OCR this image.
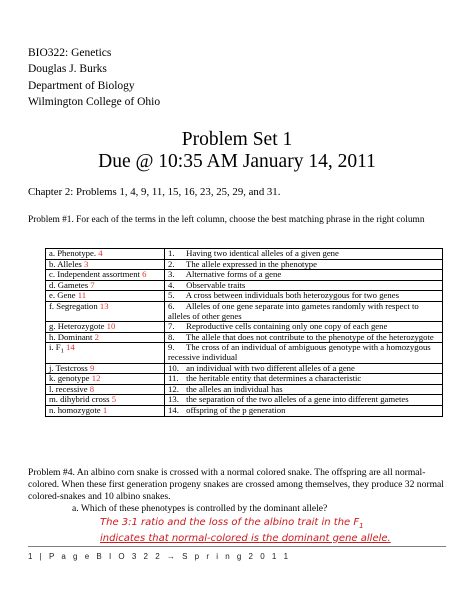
BIO322: Genetics
Douglas J. Burks
Department of Biology
Wilmington College of Ohio
Problem Set 1
Due @ 10:35 AM January 14, 2011
Chapter 2: Problems 1, 4, 9, 11, 15, 16, 23, 25, 29, and 31.
Problem #1. For each of the terms in the left column, choose the best matching phrase in the right column
a. Phenotype. 4	1. Having two identical alleles of a given gene
b. Alleles 3	2. The allele expressed in the phenotype
c. Independent assortment 6	3. Alternative forms of a gene
d. Gametes 7	4. Observable traits
e. Gene 11	5. A cross between individuals both heterozygous for two genes
f. Segregation 13	6. Alleles of one gene separate into gametes randomly with respect to alleles of other genes
g. Heterozygote 10	7. Reproductive cells containing only one copy of each gene
h. Dominant 2	8. The allele that does not contribute to the phenotype of the heterozygote
i. $F_1$ 14	9. The cross of an individual of ambiguous genotype with a homozygous recessive individual
j. Testcross 9	10. an individual with two different alleles of a gene
k. genotype 12	11. the heritable entity that determines a characteristic
l. recessive 8	12. the alleles an individual has
m. dihybrid cross 5	13. the separation of the two alleles of a gene into different gametes
n. homozygote 1	14. offspring of the p generation
Problem #4. An albino corn snake is crossed with a normal colored snake. The offspring are all normal-colored. When these first generation progeny snakes are crossed among themselves, they produce 32 normal colored-snakes and 10 albino snakes.
a. Which of these phenotypes is controlled by the dominant allele?
The 3:1 ratio and the loss of the albino trait in the $F_1$
indicates that normal-colored is the dominant gene allele.
1 | P a g e B I O 3 2 2 → S p r i n g 2 0 1 1
